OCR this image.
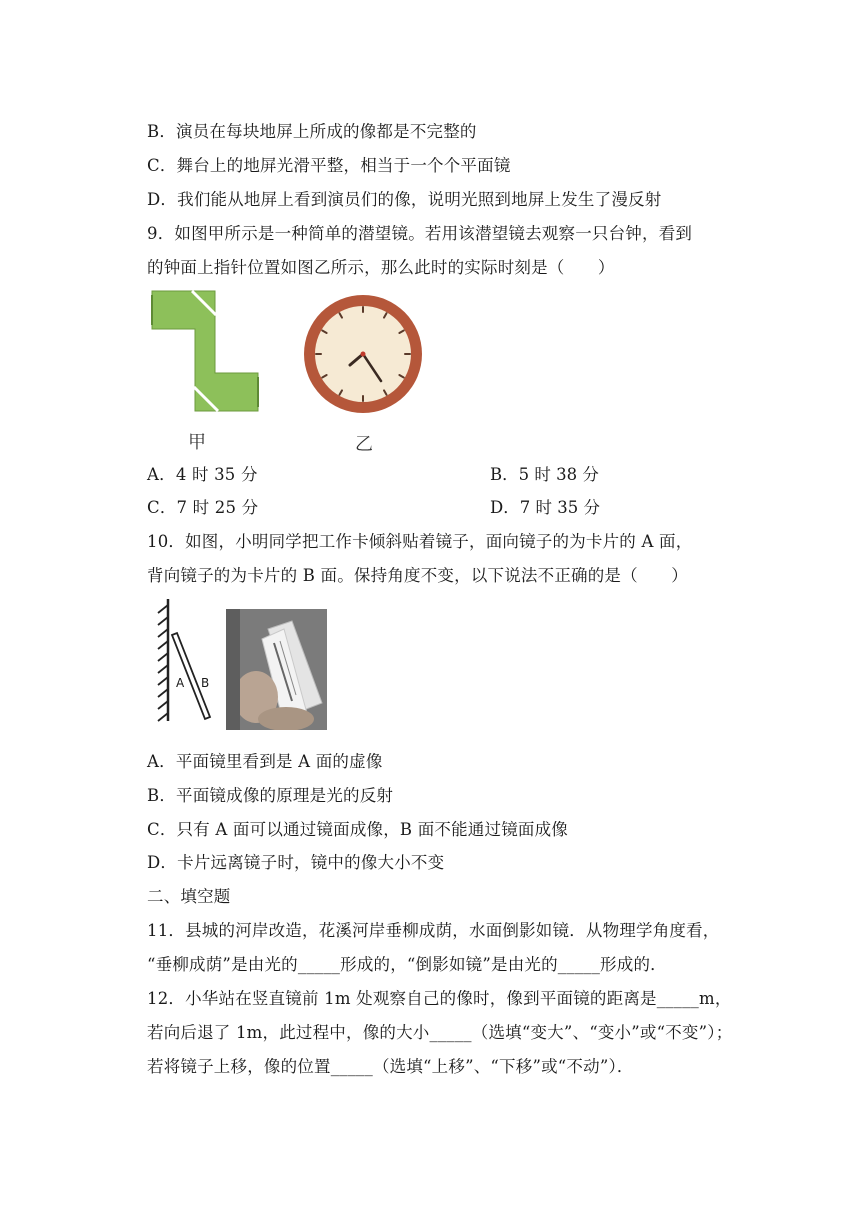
B．演员在每块地屏上所成的像都是不完整的
C．舞台上的地屏光滑平整，相当于一个个平面镜
D．我们能从地屏上看到演员们的像，说明光照到地屏上发生了漫反射
9．如图甲所示是一种简单的潜望镜。若用该潜望镜去观察一只台钟，看到
的钟面上指针位置如图乙所示，那么此时的实际时刻是（　　）
甲	乙
A．4 时 35 分	B．5 时 38 分
C．7 时 25 分	D．7 时 35 分
10．如图，小明同学把工作卡倾斜贴着镜子，面向镜子的为卡片的 A 面，
背向镜子的为卡片的 B 面。保持角度不变，以下说法不正确的是（　　）
A B
A．平面镜里看到是 A 面的虚像
B．平面镜成像的原理是光的反射
C．只有 A 面可以通过镜面成像，B 面不能通过镜面成像
D．卡片远离镜子时，镜中的像大小不变
二、填空题
11．县城的河岸改造，花溪河岸垂柳成荫，水面倒影如镜．从物理学角度看，
“垂柳成荫”是由光的_____形成的，“倒影如镜”是由光的_____形成的．
12．小华站在竖直镜前 1m 处观察自己的像时，像到平面镜的距离是_____m，
若向后退了 1m，此过程中，像的大小_____（选填“变大”、“变小”或“不变”）；
若将镜子上移，像的位置_____（选填“上移”、“下移”或“不动”）．
